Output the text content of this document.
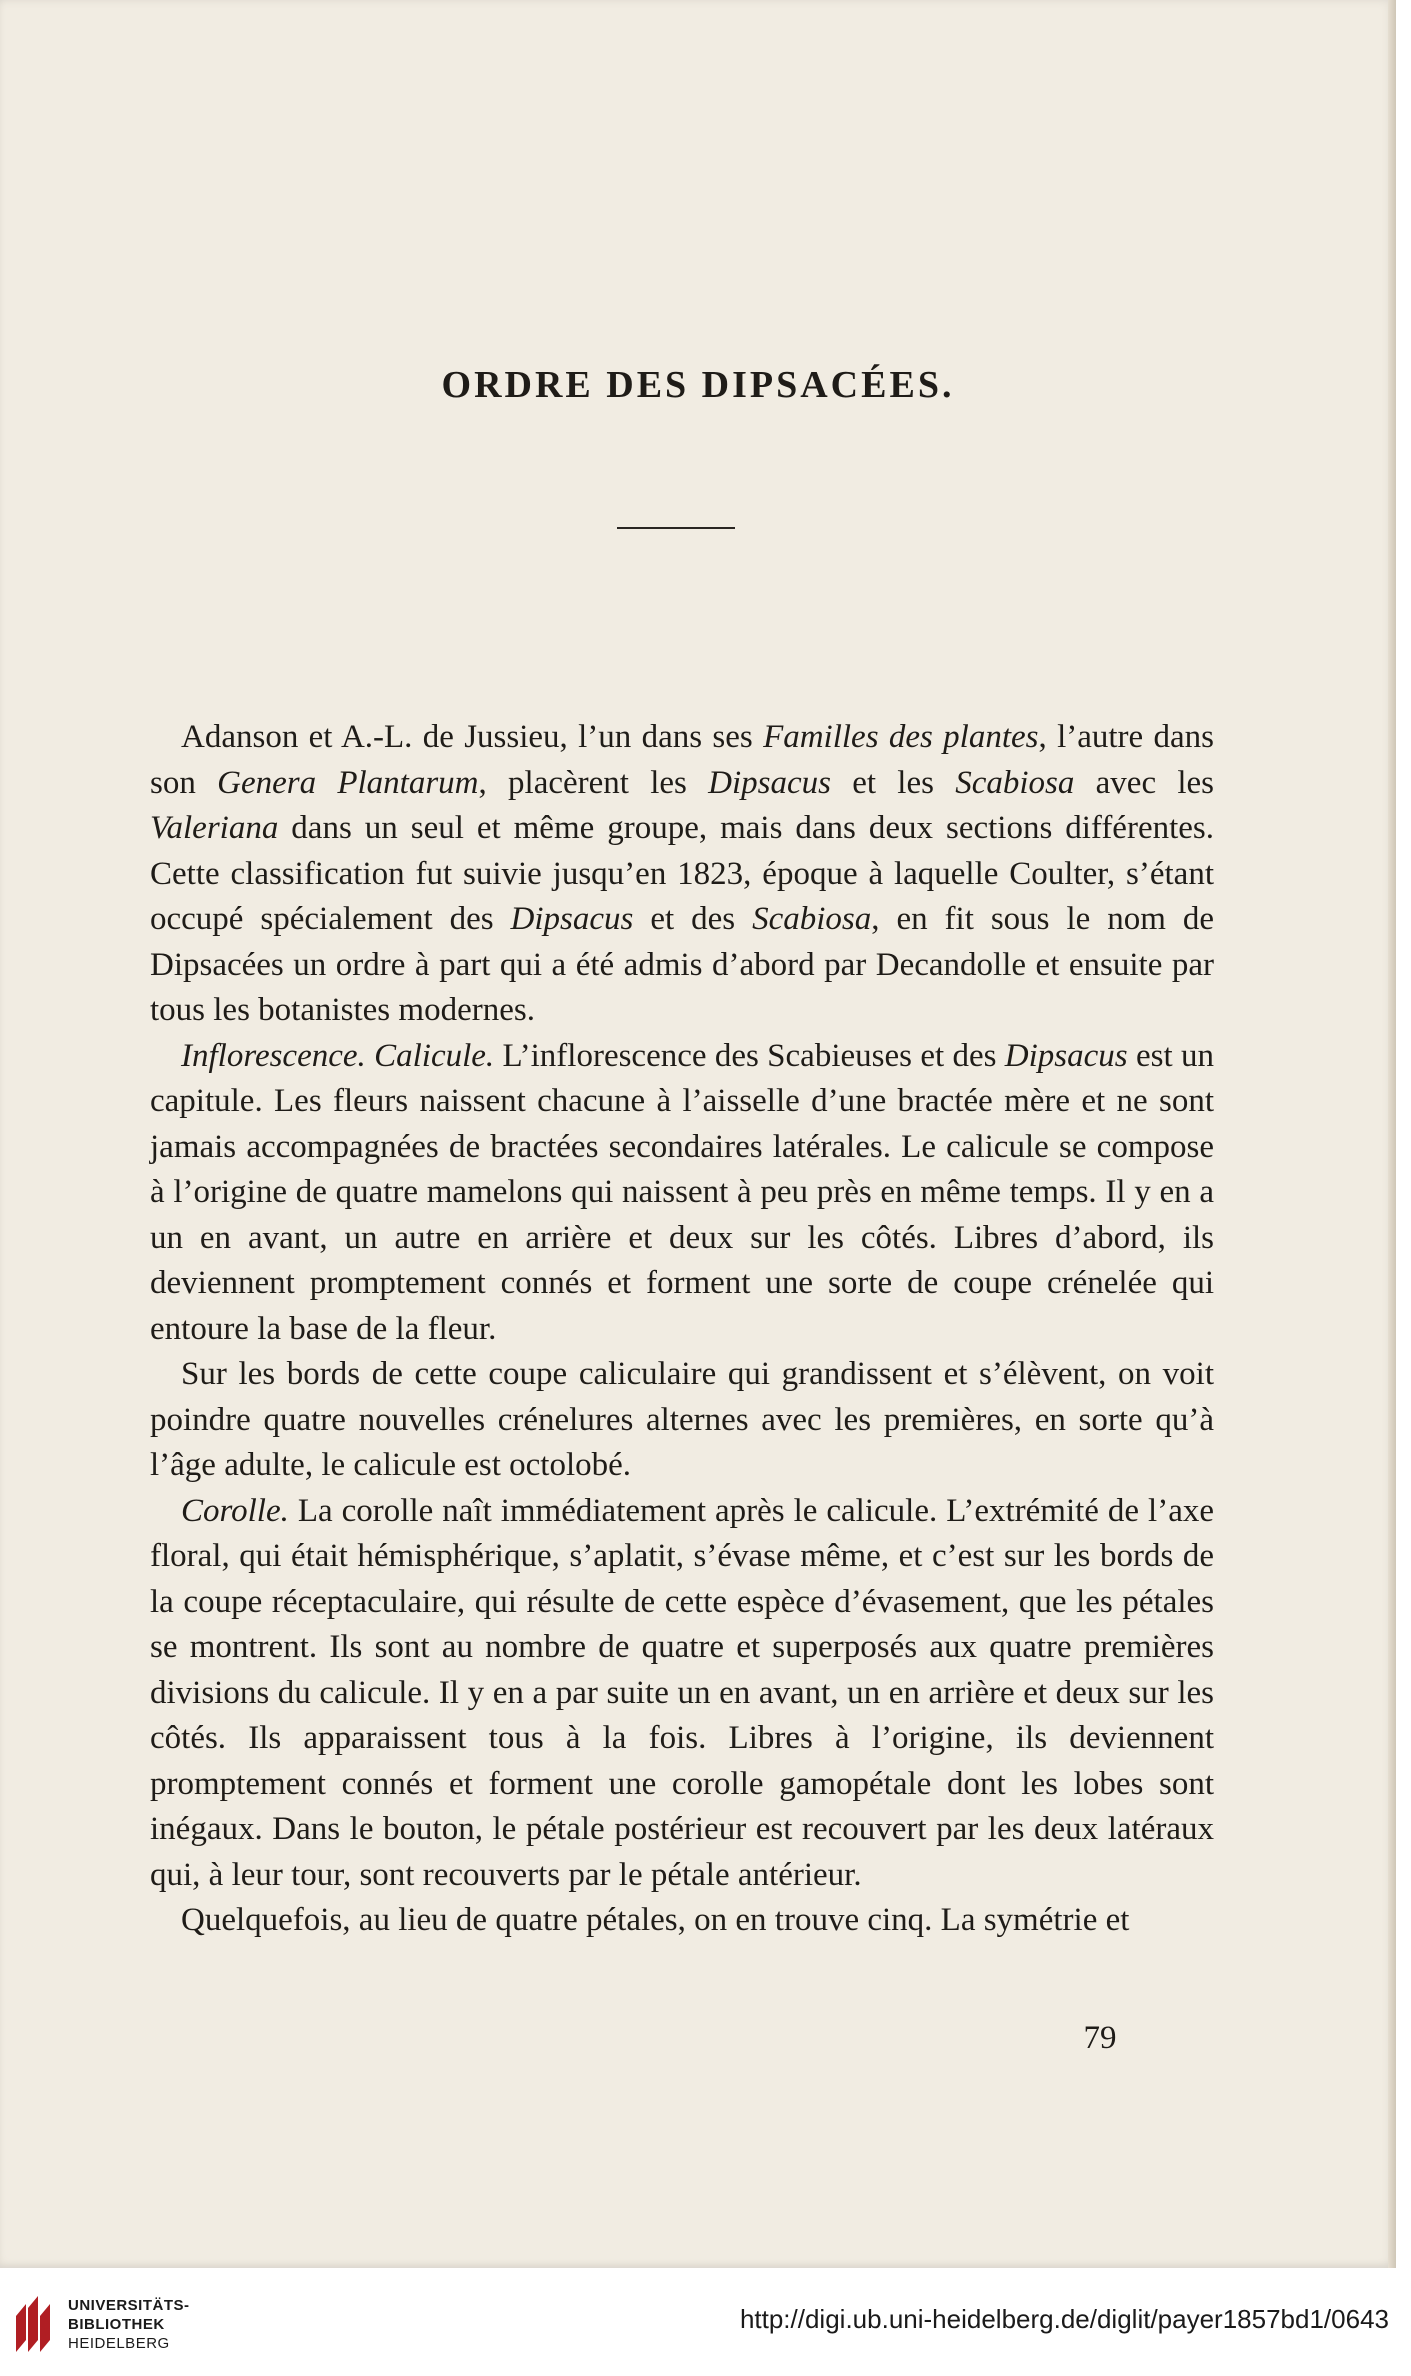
ORDRE DES DIPSACÉES.

Adanson et A.-L. de Jussieu, l’un dans ses Familles des plantes, l’autre dans son Genera Plantarum, placèrent les Dipsacus et les Scabiosa avec les Valeriana dans un seul et même groupe, mais dans deux sections différentes. Cette classification fut suivie jusqu’en 1823, époque à laquelle Coulter, s’étant occupé spécialement des Dipsacus et des Scabiosa, en fit sous le nom de Dipsacées un ordre à part qui a été admis d’abord par Decandolle et ensuite par tous les botanistes modernes.

Inflorescence. Calicule. L’inflorescence des Scabieuses et des Dipsacus est un capitule. Les fleurs naissent chacune à l’aisselle d’une bractée mère et ne sont jamais accompagnées de bractées secondaires latérales. Le calicule se compose à l’origine de quatre mamelons qui naissent à peu près en même temps. Il y en a un en avant, un autre en arrière et deux sur les côtés. Libres d’abord, ils deviennent promptement connés et forment une sorte de coupe crénelée qui entoure la base de la fleur.

Sur les bords de cette coupe caliculaire qui grandissent et s’élèvent, on voit poindre quatre nouvelles crénelures alternes avec les premières, en sorte qu’à l’âge adulte, le calicule est octolobé.

Corolle. La corolle naît immédiatement après le calicule. L’extrémité de l’axe floral, qui était hémisphérique, s’aplatit, s’évase même, et c’est sur les bords de la coupe réceptaculaire, qui résulte de cette espèce d’évasement, que les pétales se montrent. Ils sont au nombre de quatre et superposés aux quatre premières divisions du calicule. Il y en a par suite un en avant, un en arrière et deux sur les côtés. Ils apparaissent tous à la fois. Libres à l’origine, ils deviennent promptement connés et forment une corolle gamopétale dont les lobes sont inégaux. Dans le bouton, le pétale postérieur est recouvert par les deux latéraux qui, à leur tour, sont recouverts par le pétale antérieur.

Quelquefois, au lieu de quatre pétales, on en trouve cinq. La symétrie et

79
UNIVERSITÄTS-
BIBLIOTHEK
HEIDELBERG
http://digi.ub.uni-heidelberg.de/diglit/payer1857bd1/0643
